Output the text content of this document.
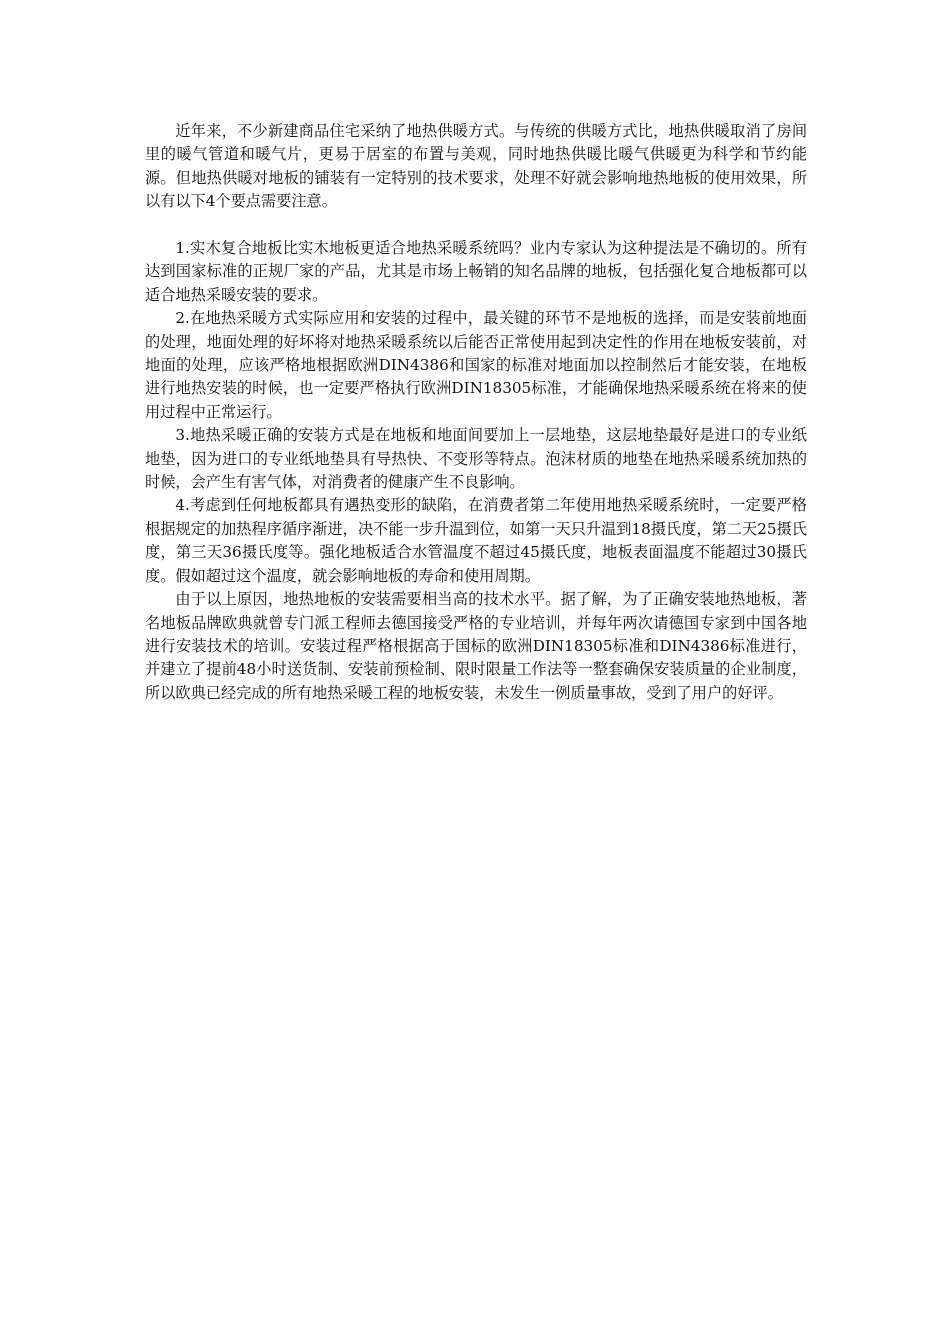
近年来，不少新建商品住宅采纳了地热供暖方式。与传统的供暖方式比，地热供暖取消了房间里的暖气管道和暖气片，更易于居室的布置与美观，同时地热供暖比暖气供暖更为科学和节约能源。但地热供暖对地板的铺装有一定特别的技术要求，处理不好就会影响地热地板的使用效果，所以有以下4个要点需要注意。

1.实木复合地板比实木地板更适合地热采暖系统吗？业内专家认为这种提法是不确切的。所有达到国家标准的正规厂家的产品，尤其是市场上畅销的知名品牌的地板，包括强化复合地板都可以适合地热采暖安装的要求。

2.在地热采暖方式实际应用和安装的过程中，最关键的环节不是地板的选择，而是安装前地面的处理，地面处理的好坏将对地热采暖系统以后能否正常使用起到决定性的作用在地板安装前，对地面的处理，应该严格地根据欧洲DIN4386和国家的标准对地面加以控制然后才能安装，在地板进行地热安装的时候，也一定要严格执行欧洲DIN18305标准，才能确保地热采暖系统在将来的使用过程中正常运行。

3.地热采暖正确的安装方式是在地板和地面间要加上一层地垫，这层地垫最好是进口的专业纸地垫，因为进口的专业纸地垫具有导热快、不变形等特点。泡沫材质的地垫在地热采暖系统加热的时候，会产生有害气体，对消费者的健康产生不良影响。

4.考虑到任何地板都具有遇热变形的缺陷，在消费者第二年使用地热采暖系统时，一定要严格根据规定的加热程序循序渐进，决不能一步升温到位，如第一天只升温到18摄氏度，第二天25摄氏度，第三天36摄氏度等。强化地板适合水管温度不超过45摄氏度，地板表面温度不能超过30摄氏度。假如超过这个温度，就会影响地板的寿命和使用周期。

由于以上原因，地热地板的安装需要相当高的技术水平。据了解，为了正确安装地热地板，著名地板品牌欧典就曾专门派工程师去德国接受严格的专业培训，并每年两次请德国专家到中国各地进行安装技术的培训。安装过程严格根据高于国标的欧洲DIN18305标准和DIN4386标准进行，并建立了提前48小时送货制、安装前预检制、限时限量工作法等一整套确保安装质量的企业制度，所以欧典已经完成的所有地热采暖工程的地板安装，未发生一例质量事故，受到了用户的好评。
